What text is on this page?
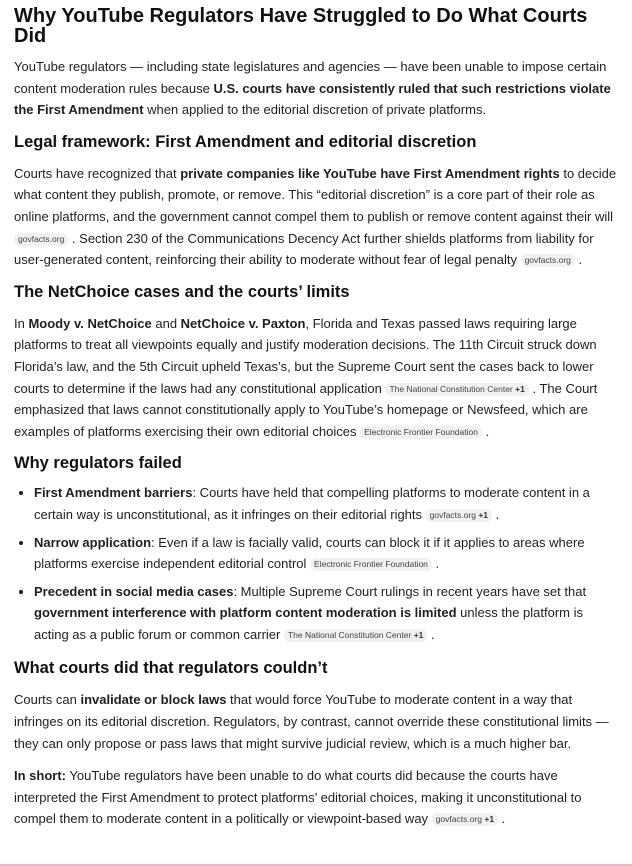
Why YouTube Regulators Have Struggled to Do What Courts Did

YouTube regulators — including state legislatures and agencies — have been unable to impose certain content moderation rules because U.S. courts have consistently ruled that such restrictions violate the First Amendment when applied to the editorial discretion of private platforms.

Legal framework: First Amendment and editorial discretion

Courts have recognized that private companies like YouTube have First Amendment rights to decide what content they publish, promote, or remove. This “editorial discretion” is a core part of their role as online platforms, and the government cannot compel them to publish or remove content against their will govfacts.org . Section 230 of the Communications Decency Act further shields platforms from liability for user-generated content, reinforcing their ability to moderate without fear of legal penalty govfacts.org .

The NetChoice cases and the courts’ limits

In Moody v. NetChoice and NetChoice v. Paxton, Florida and Texas passed laws requiring large platforms to treat all viewpoints equally and justify moderation decisions. The 11th Circuit struck down Florida’s law, and the 5th Circuit upheld Texas’s, but the Supreme Court sent the cases back to lower courts to determine if the laws had any constitutional application The National Constitution Center +1 . The Court emphasized that laws cannot constitutionally apply to YouTube’s homepage or Newsfeed, which are examples of platforms exercising their own editorial choices Electronic Frontier Foundation .

Why regulators failed
• First Amendment barriers: Courts have held that compelling platforms to moderate content in a certain way is unconstitutional, as it infringes on their editorial rights govfacts.org +1 .
• Narrow application: Even if a law is facially valid, courts can block it if it applies to areas where platforms exercise independent editorial control Electronic Frontier Foundation .
• Precedent in social media cases: Multiple Supreme Court rulings in recent years have set that government interference with platform content moderation is limited unless the platform is acting as a public forum or common carrier The National Constitution Center +1 .
What courts did that regulators couldn’t

Courts can invalidate or block laws that would force YouTube to moderate content in a way that infringes on its editorial discretion. Regulators, by contrast, cannot override these constitutional limits — they can only propose or pass laws that might survive judicial review, which is a much higher bar.

In short: YouTube regulators have been unable to do what courts did because the courts have interpreted the First Amendment to protect platforms’ editorial choices, making it unconstitutional to compel them to moderate content in a politically or viewpoint-based way govfacts.org +1 .
